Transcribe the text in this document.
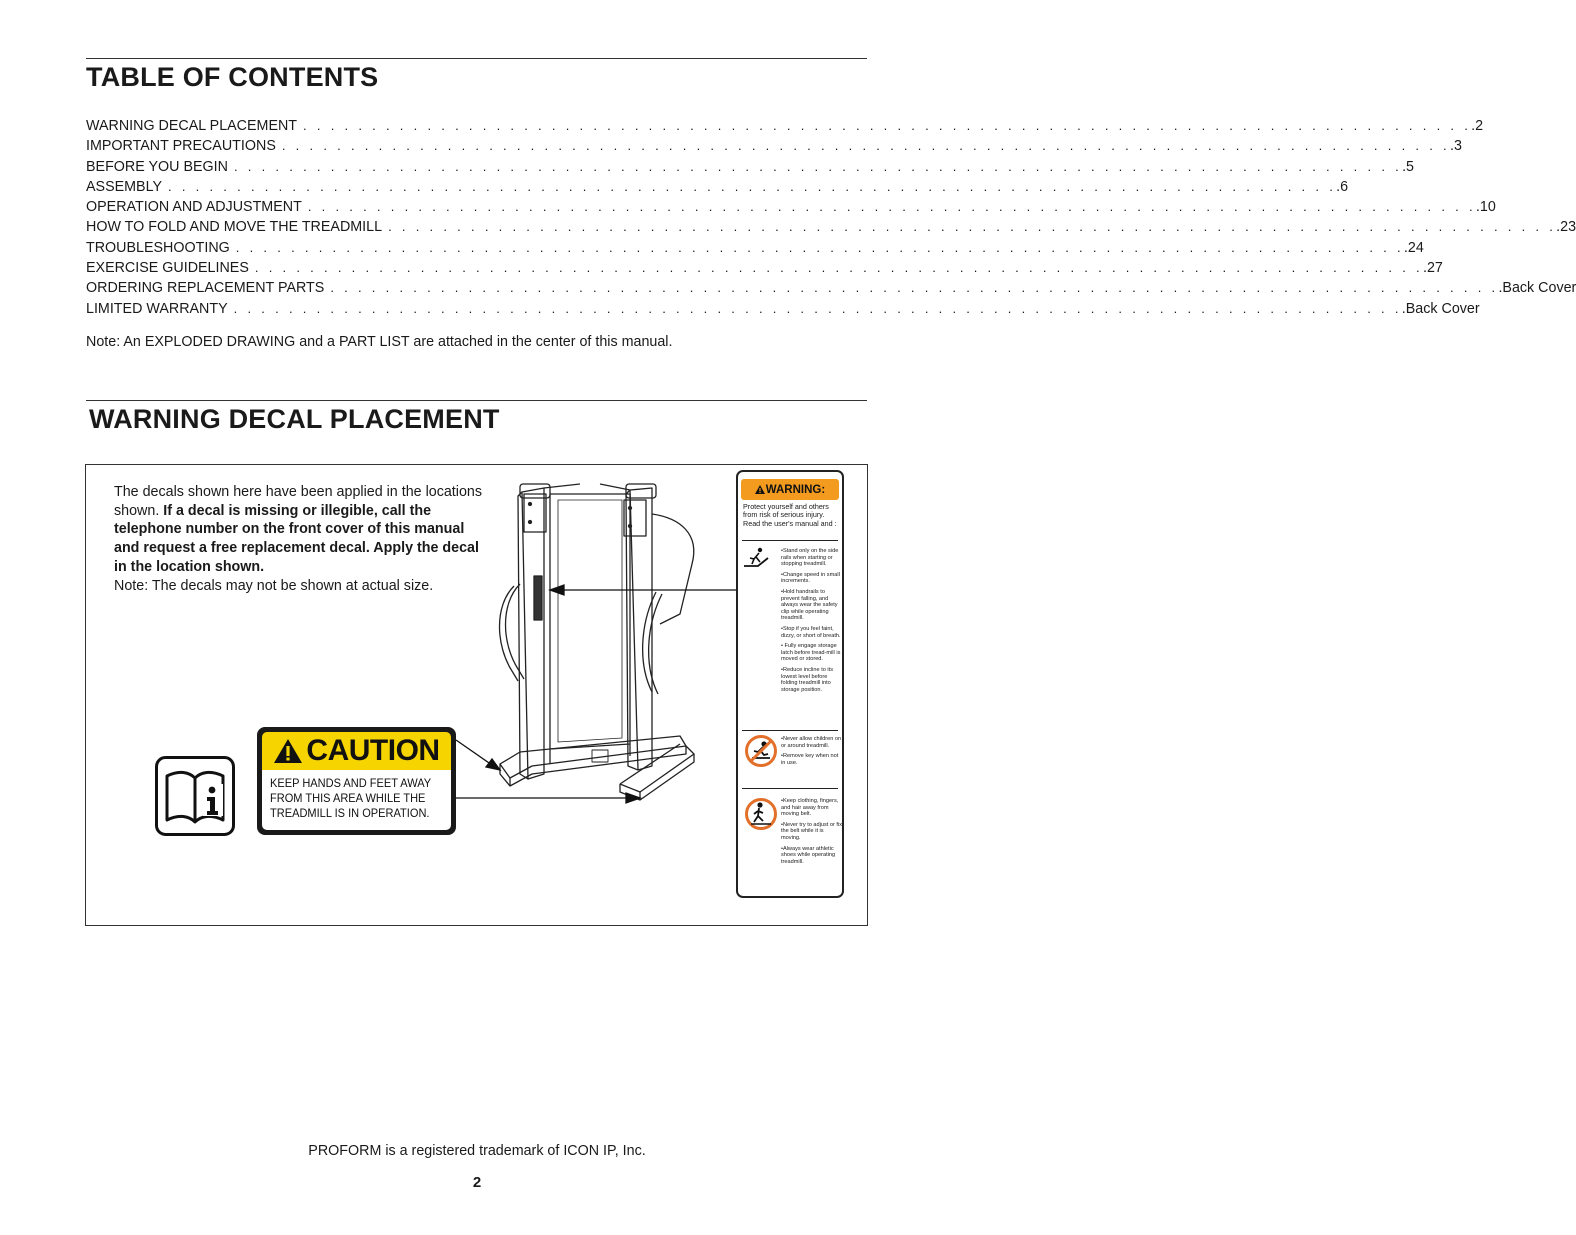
TABLE OF CONTENTS
WARNING DECAL PLACEMENT . . . . . . . . . . . . . . . . . . . . . . . . . . . . . . . . . . . . . . . . . . . . . . . . . . . . . . . . . . . . . . . . . . . . . . . . . . . . . . . . . . . . . .2
IMPORTANT PRECAUTIONS . . . . . . . . . . . . . . . . . . . . . . . . . . . . . . . . . . . . . . . . . . . . . . . . . . . . . . . . . . . . . . . . . . . . . . . . . . . . . . . . . . . . . .3
BEFORE YOU BEGIN . . . . . . . . . . . . . . . . . . . . . . . . . . . . . . . . . . . . . . . . . . . . . . . . . . . . . . . . . . . . . . . . . . . . . . . . . . . . . . . . . . . . . .5
ASSEMBLY . . . . . . . . . . . . . . . . . . . . . . . . . . . . . . . . . . . . . . . . . . . . . . . . . . . . . . . . . . . . . . . . . . . . . . . . . . . . . . . . . . . . . .6
OPERATION AND ADJUSTMENT . . . . . . . . . . . . . . . . . . . . . . . . . . . . . . . . . . . . . . . . . . . . . . . . . . . . . . . . . . . . . . . . . . . . . . . . . . . . . . . . . . . . . .10
HOW TO FOLD AND MOVE THE TREADMILL . . . . . . . . . . . . . . . . . . . . . . . . . . . . . . . . . . . . . . . . . . . . . . . . . . . . . . . . . . . . . . . . . . . . . . . . . . . . . . . . . . . . . .23
TROUBLESHOOTING . . . . . . . . . . . . . . . . . . . . . . . . . . . . . . . . . . . . . . . . . . . . . . . . . . . . . . . . . . . . . . . . . . . . . . . . . . . . . . . . . . . . . .24
EXERCISE GUIDELINES . . . . . . . . . . . . . . . . . . . . . . . . . . . . . . . . . . . . . . . . . . . . . . . . . . . . . . . . . . . . . . . . . . . . . . . . . . . . . . . . . . . . . .27
ORDERING REPLACEMENT PARTS . . . . . . . . . . . . . . . . . . . . . . . . . . . . . . . . . . . . . . . . . . . . . . . . . . . . . . . . . . . . . . . . . . . . . . . . . . . . . . . . . . . . . .Back Cover
LIMITED WARRANTY . . . . . . . . . . . . . . . . . . . . . . . . . . . . . . . . . . . . . . . . . . . . . . . . . . . . . . . . . . . . . . . . . . . . . . . . . . . . . . . . . . . . . .Back Cover
Note: An EXPLODED DRAWING and a PART LIST are attached in the center of this manual.
WARNING DECAL PLACEMENT
The decals shown here have been applied in the locations shown. If a decal is missing or illegible, call the telephone number on the front cover of this manual and request a free replacement decal. Apply the decal in the location shown.
Note: The decals may not be shown at actual size.
CAUTION
KEEP HANDS AND FEET AWAY
FROM THIS AREA WHILE THE
TREADMILL IS IN OPERATION.
WARNING:
Protect yourself and others from risk of serious injury. Read the user's manual and :
•Stand only on the side rails when starting or stopping treadmill.
•Change speed in small increments.
•Hold handrails to prevent falling, and always wear the safety clip while operating treadmill.
•Stop if you feel faint, dizzy, or short of breath.
• Fully engage storage latch before tread-mill is moved or stored.
•Reduce incline to its lowest level before folding treadmill into storage position.
•Never allow children on or around treadmill.
•Remove key when not in use.
•Keep clothing, fingers, and hair away from moving belt.
•Never try to adjust or fix the belt while it is moving.
•Always wear athletic shoes while operating treadmill.
PROFORM is a registered trademark of ICON IP, Inc.
2
